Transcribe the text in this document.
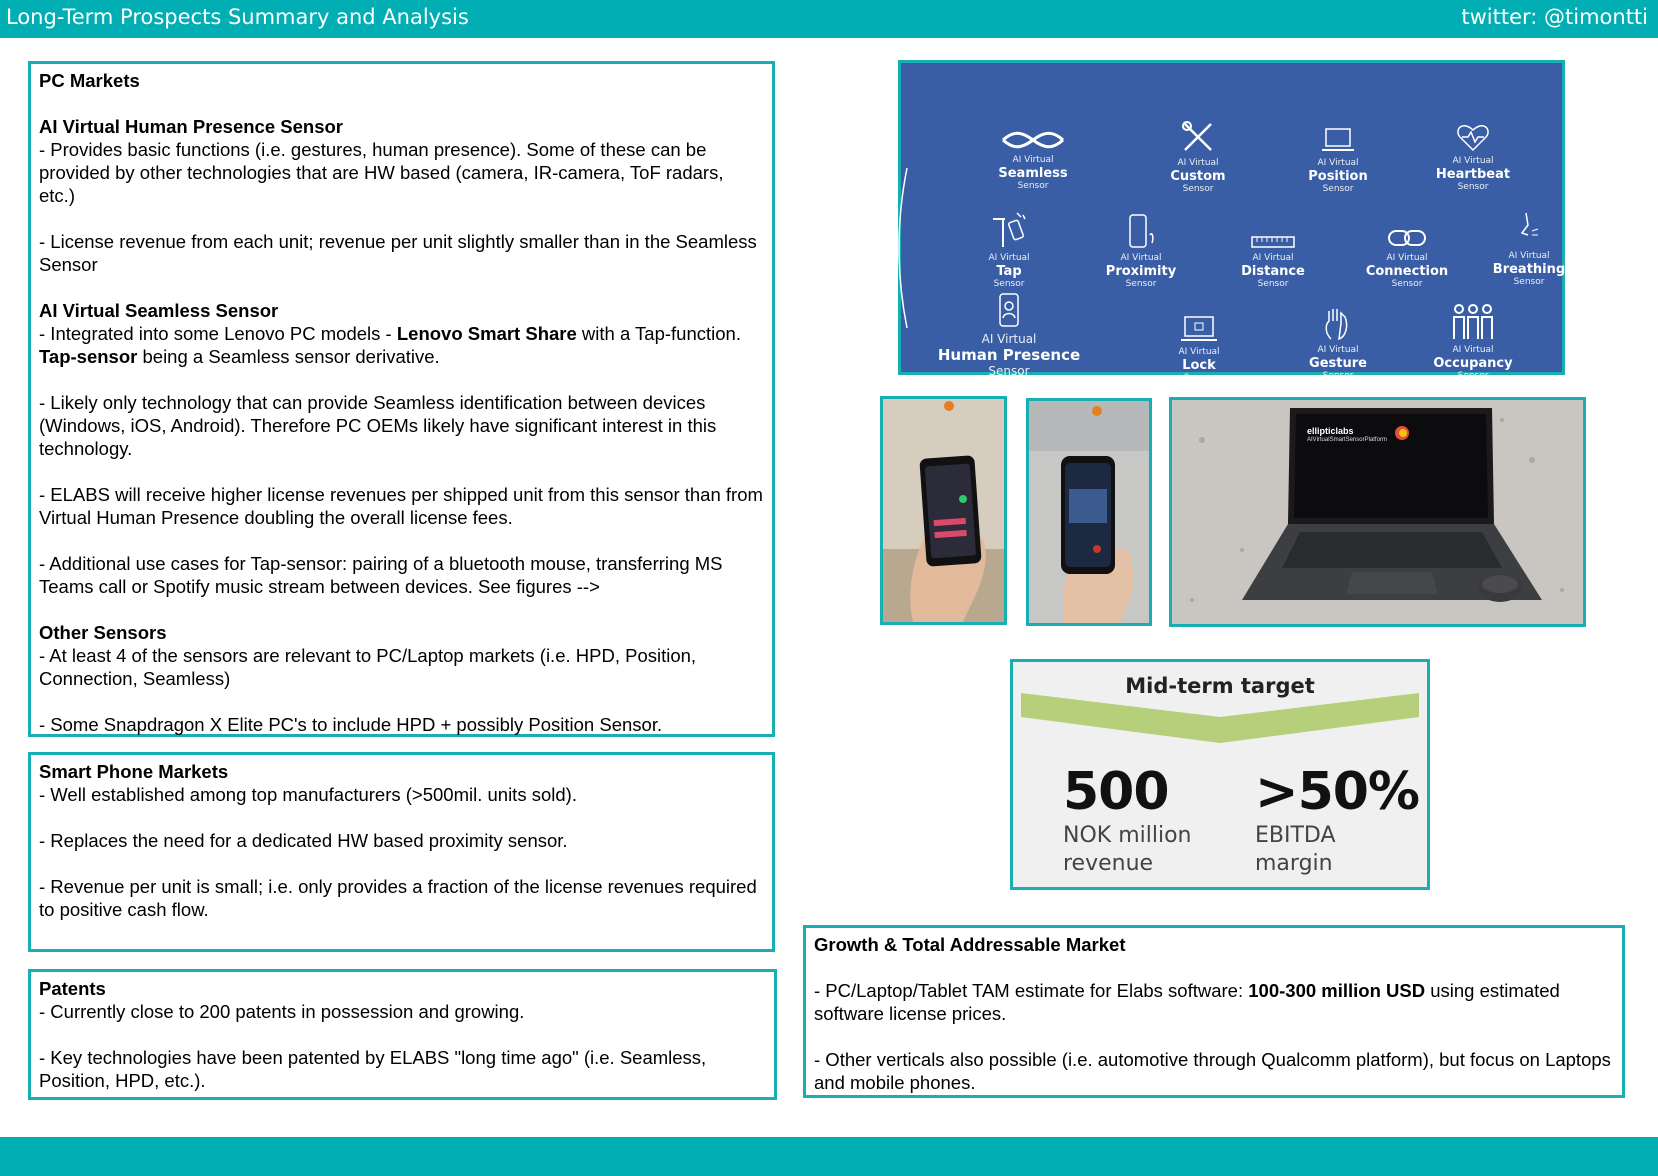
Long-Term Prospects Summary and Analysis	twitter: @timontti

PC Markets

AI Virtual Human Presence Sensor

- Provides basic functions (i.e. gestures, human presence). Some of these can be provided by other technologies that are HW based (camera, IR-camera, ToF radars, etc.)

- License revenue from each unit; revenue per unit slightly smaller than in the Seamless Sensor

AI Virtual Seamless Sensor

- Integrated into some Lenovo PC models - Lenovo Smart Share with a Tap-function. Tap-sensor being a Seamless sensor derivative.

- Likely only technology that can provide Seamless identification between devices (Windows, iOS, Android). Therefore PC OEMs likely have significant interest in this technology.

- ELABS will receive higher license revenues per shipped unit from this sensor than from Virtual Human Presence doubling the overall license fees.

- Additional use cases for Tap-sensor: pairing of a bluetooth mouse, transferring MS Teams call or Spotify music stream between devices. See figures -->

Other Sensors

- At least 4 of the sensors are relevant to PC/Laptop markets (i.e. HPD, Position, Connection, Seamless)

- Some Snapdragon X Elite PC's to include HPD + possibly Position Sensor.

Smart Phone Markets

- Well established among top manufacturers (>500mil. units sold).

- Replaces the need for a dedicated HW based proximity sensor.

- Revenue per unit is small; i.e. only provides a fraction of the license revenues required to positive cash flow.

Patents

- Currently close to 200 patents in possession and growing.

- Key technologies have been patented by ELABS "long time ago" (i.e. Seamless, Position, HPD, etc.).

Growth & Total Addressable Market

- PC/Laptop/Tablet TAM estimate for Elabs software: 100-300 million USD using estimated software license prices.

- Other verticals also possible (i.e. automotive through Qualcomm platform), but focus on Laptops and mobile phones.

AI Virtual
Seamless
Sensor
AI Virtual
Custom
Sensor
AI Virtual
Position
Sensor
AI Virtual
Heartbeat
Sensor
AI Virtual
Tap
Sensor
AI Virtual
Proximity
Sensor
AI Virtual
Distance
Sensor
AI Virtual
Connection
Sensor
AI Virtual
Breathing
Sensor
AI Virtual
Human Presence
Sensor
AI Virtual
Lock
Sensor
AI Virtual
Gesture
Sensor
AI Virtual
Occupancy
Sensor
ellipticlabs
AIVirtualSmartSensorPlatform
Mid-term target
500
NOK million
revenue
>50%
EBITDA
margin
